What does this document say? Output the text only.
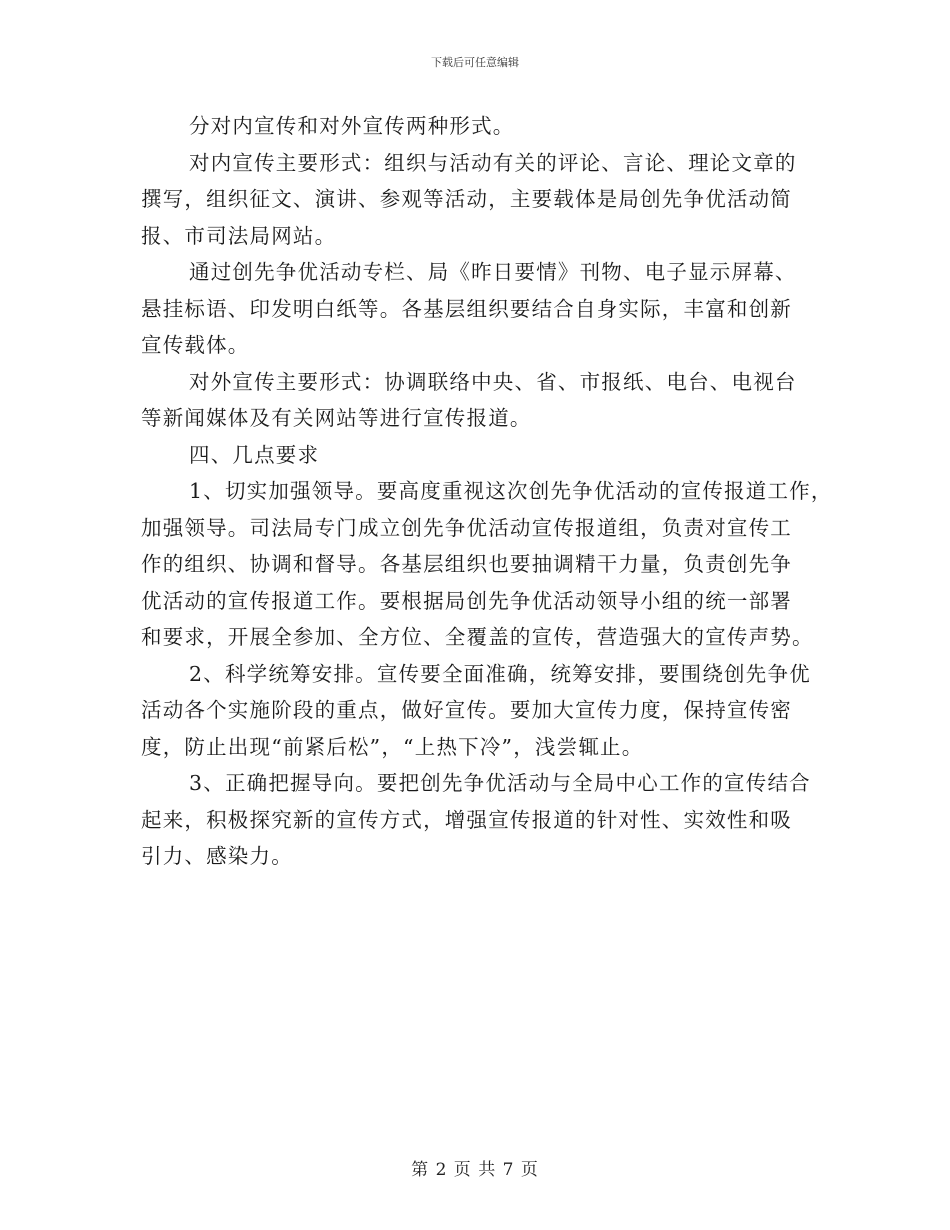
下载后可任意编辑
分对内宣传和对外宣传两种形式。
对内宣传主要形式：组织与活动有关的评论、言论、理论文章的
撰写，组织征文、演讲、参观等活动，主要载体是局创先争优活动简
报、市司法局网站。
通过创先争优活动专栏、局《昨日要情》刊物、电子显示屏幕、
悬挂标语、印发明白纸等。各基层组织要结合自身实际，丰富和创新
宣传载体。
对外宣传主要形式：协调联络中央、省、市报纸、电台、电视台
等新闻媒体及有关网站等进行宣传报道。
四、几点要求
1、切实加强领导。要高度重视这次创先争优活动的宣传报道工作，
加强领导。司法局专门成立创先争优活动宣传报道组，负责对宣传工
作的组织、协调和督导。各基层组织也要抽调精干力量，负责创先争
优活动的宣传报道工作。要根据局创先争优活动领导小组的统一部署
和要求，开展全参加、全方位、全覆盖的宣传，营造强大的宣传声势。
2、科学统筹安排。宣传要全面准确，统筹安排，要围绕创先争优
活动各个实施阶段的重点，做好宣传。要加大宣传力度，保持宣传密
度，防止出现“前紧后松”，“上热下冷”，浅尝辄止。
3、正确把握导向。要把创先争优活动与全局中心工作的宣传结合
起来，积极探究新的宣传方式，增强宣传报道的针对性、实效性和吸
引力、感染力。
第 2 页 共 7 页
